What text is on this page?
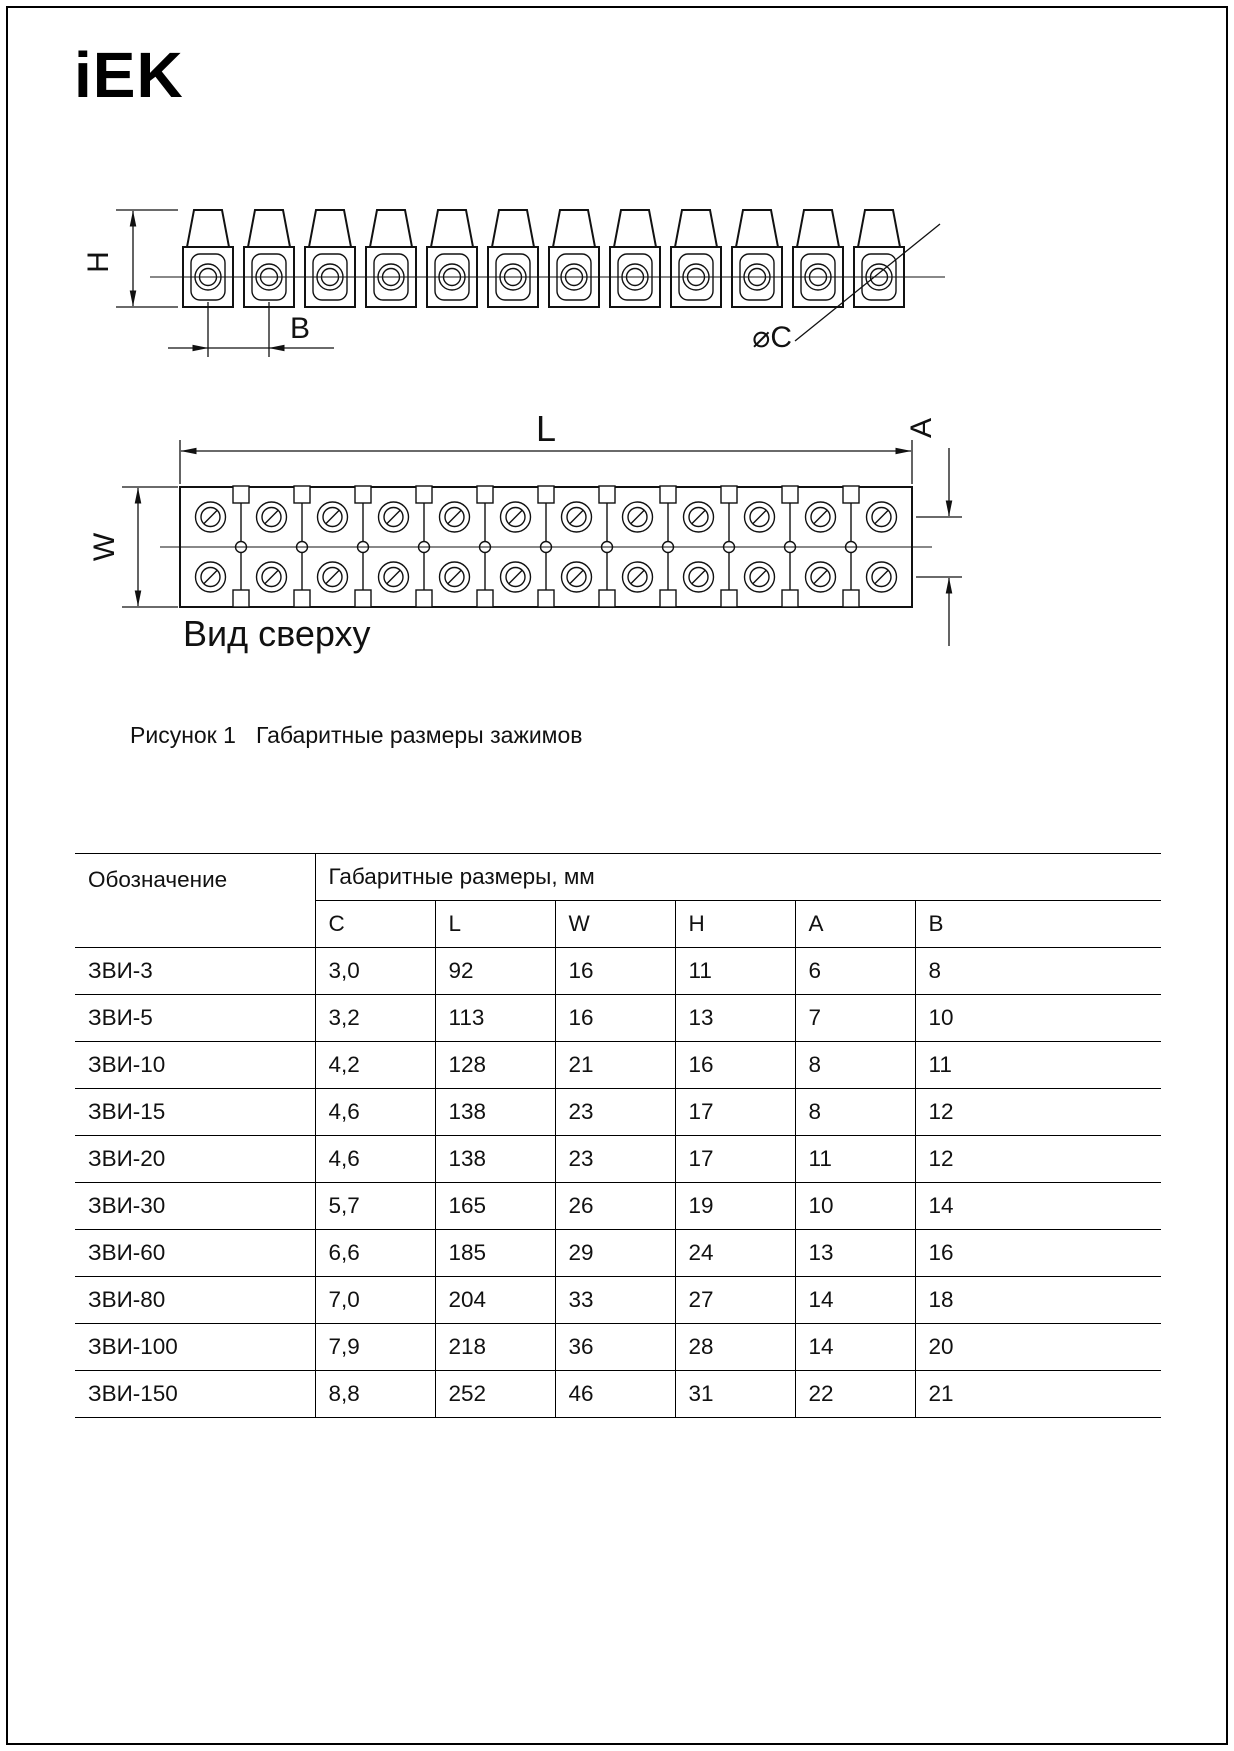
iEK
H
B	⌀C
L
W
A
Вид сверху
Рисунок 1 Габаритные размеры зажимов
Обозначение	Габаритные размеры, мм					
	C	L	W	H	A	B
ЗВИ-3	3,0	92	16	11	6	8
ЗВИ-5	3,2	113	16	13	7	10
ЗВИ-10	4,2	128	21	16	8	11
ЗВИ-15	4,6	138	23	17	8	12
ЗВИ-20	4,6	138	23	17	11	12
ЗВИ-30	5,7	165	26	19	10	14
ЗВИ-60	6,6	185	29	24	13	16
ЗВИ-80	7,0	204	33	27	14	18
ЗВИ-100	7,9	218	36	28	14	20
ЗВИ-150	8,8	252	46	31	22	21
